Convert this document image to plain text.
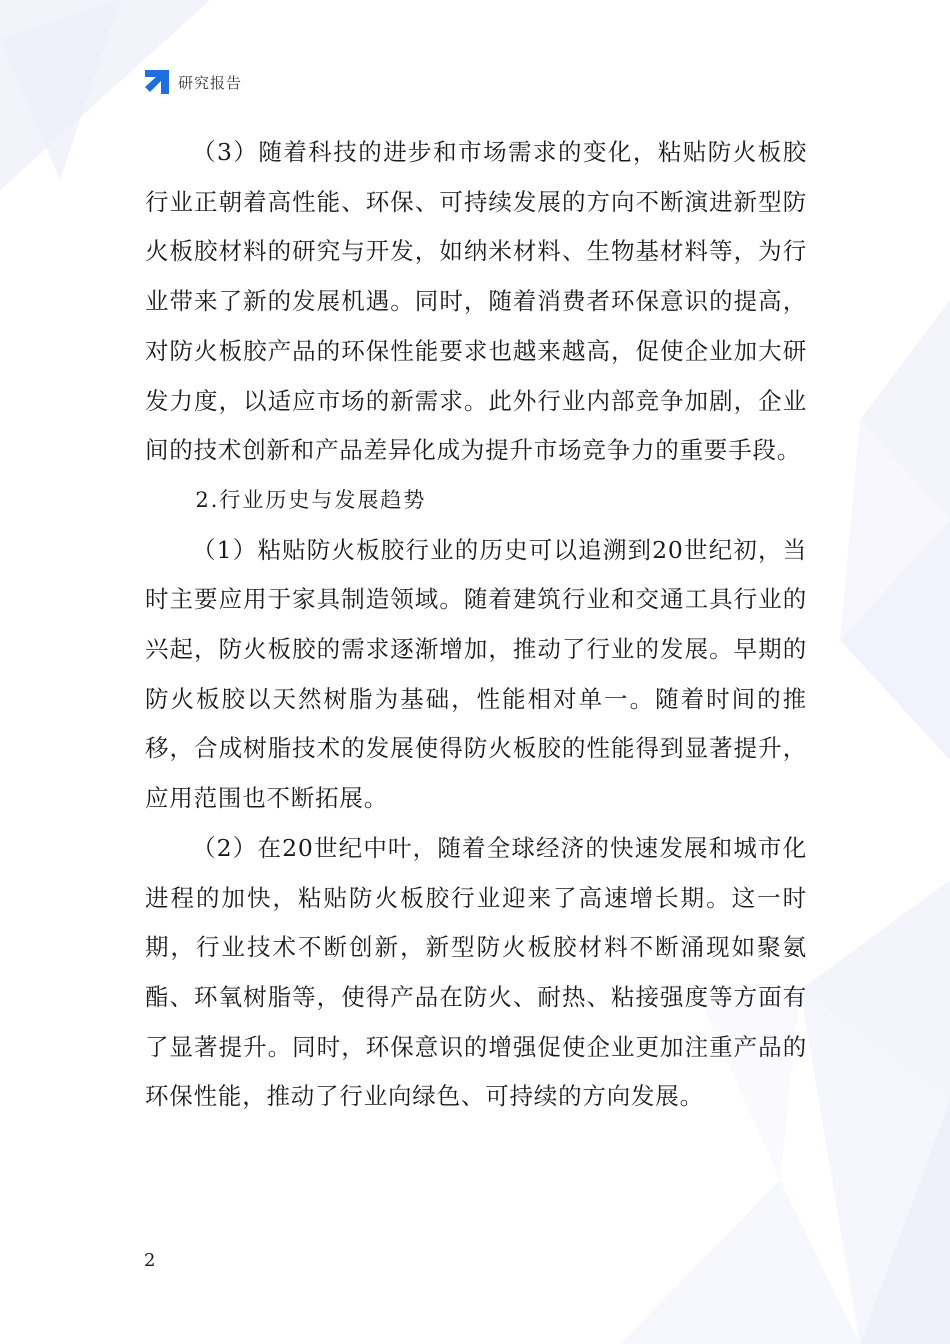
研究报告

（3）随着科技的进步和市场需求的变化，粘贴防火板胶行业正朝着高性能、环保、可持续发展的方向不断演进新型防火板胶材料的研究与开发，如纳米材料、生物基材料等，为行业带来了新的发展机遇。同时，随着消费者环保意识的提高，对防火板胶产品的环保性能要求也越来越高，促使企业加大研发力度，以适应市场的新需求。此外行业内部竞争加剧，企业间的技术创新和产品差异化成为提升市场竞争力的重要手段。

2.行业历史与发展趋势

（1）粘贴防火板胶行业的历史可以追溯到20世纪初，当时主要应用于家具制造领域。随着建筑行业和交通工具行业的兴起，防火板胶的需求逐渐增加，推动了行业的发展。早期的防火板胶以天然树脂为基础，性能相对单一。随着时间的推移，合成树脂技术的发展使得防火板胶的性能得到显著提升，应用范围也不断拓展。

（2）在20世纪中叶，随着全球经济的快速发展和城市化进程的加快，粘贴防火板胶行业迎来了高速增长期。这一时期，行业技术不断创新，新型防火板胶材料不断涌现如聚氨酯、环氧树脂等，使得产品在防火、耐热、粘接强度等方面有了显著提升。同时，环保意识的增强促使企业更加注重产品的环保性能，推动了行业向绿色、可持续的方向发展。

2
